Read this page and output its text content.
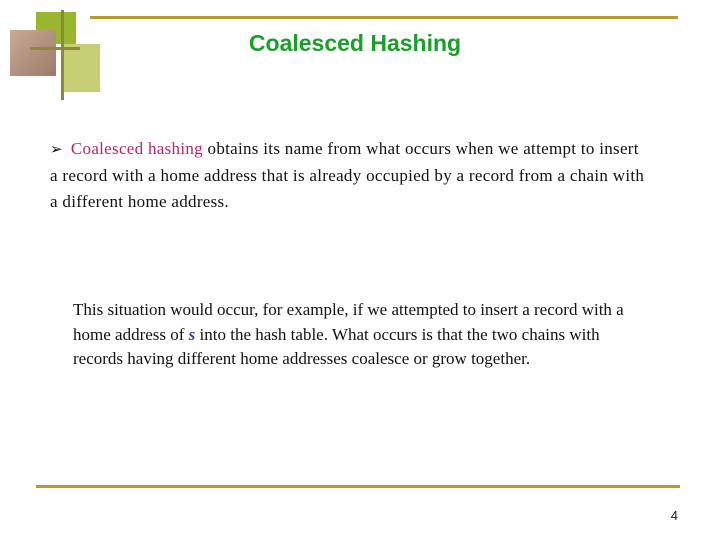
Coalesced Hashing

➢ Coalesced hashing obtains its name from what occurs when we attempt to insert a record with a home address that is already occupied by a record from a chain with a different home address.

This situation would occur, for example, if we attempted to insert a record with a home address of s into the hash table. What occurs is that the two chains with records having different home addresses coalesce or grow together.

4
